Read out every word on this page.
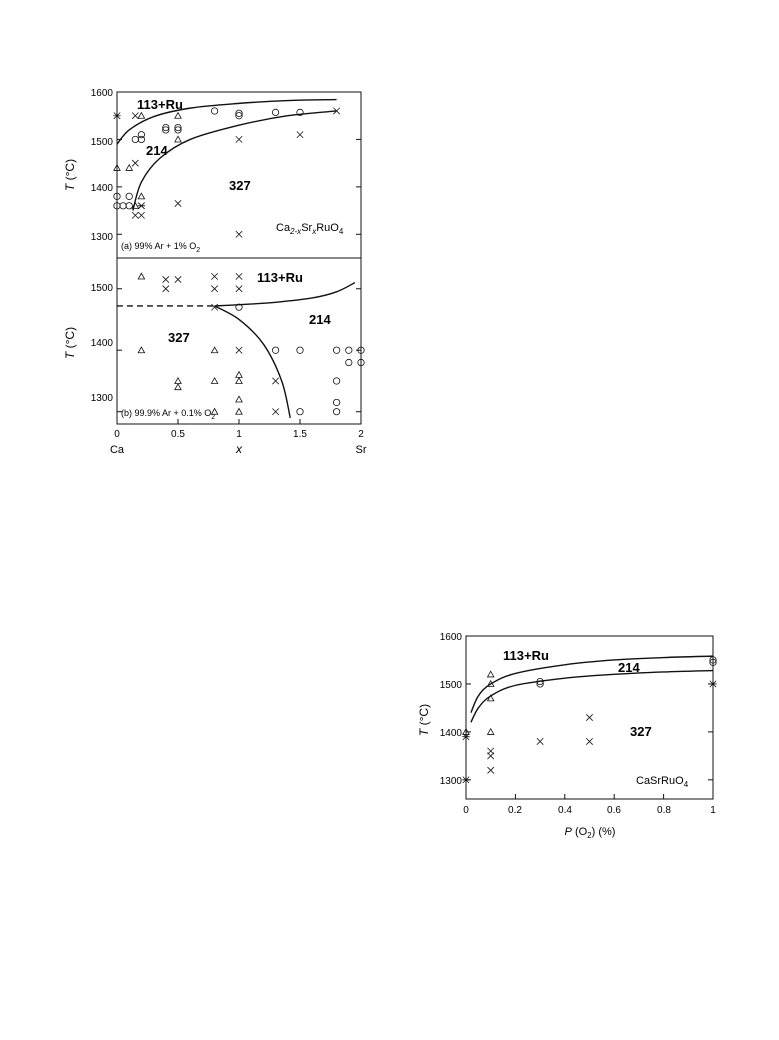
1600
1500
1400
1300
T (°C)
113+Ru
214
327
$Ca_{2-x}Sr_xRuO_4$
(a) 99% Ar + 1% $O_2$
1500
1400
1300
T (°C)
0	0.5	1	1.5	2
Ca	x	Sr
113+Ru
327
214
(b) 99.9% Ar + 0.1% $O_2$
1600
1500
1400
1300
T (°C)
0	0.2	0.4	0.6	0.8	1
P $(O_2)$ (%)
113+Ru
214
327
CaSrRuO$_4$
